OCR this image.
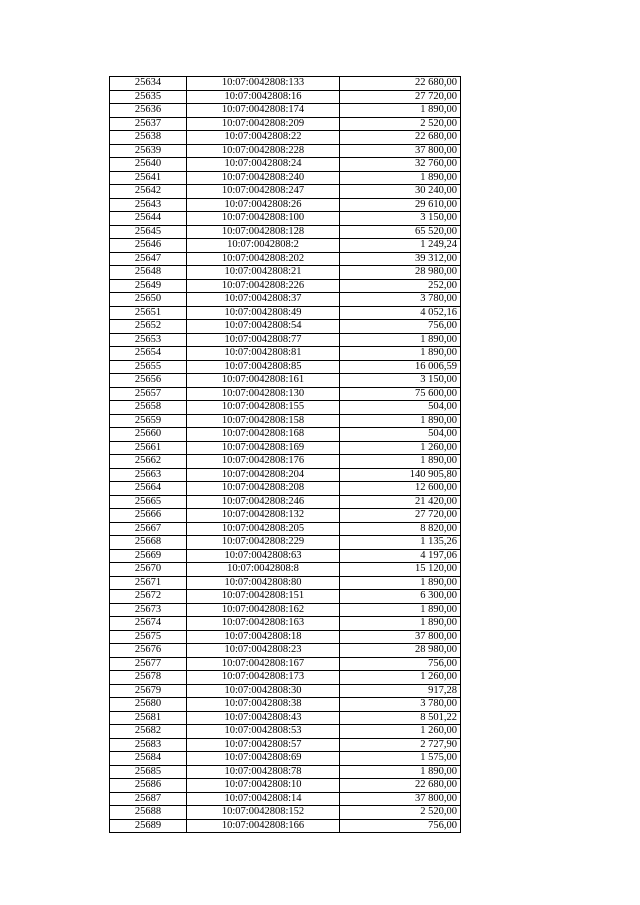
25634	10:07:0042808:133	22 680,00
25635	10:07:0042808:16	27 720,00
25636	10:07:0042808:174	1 890,00
25637	10:07:0042808:209	2 520,00
25638	10:07:0042808:22	22 680,00
25639	10:07:0042808:228	37 800,00
25640	10:07:0042808:24	32 760,00
25641	10:07:0042808:240	1 890,00
25642	10:07:0042808:247	30 240,00
25643	10:07:0042808:26	29 610,00
25644	10:07:0042808:100	3 150,00
25645	10:07:0042808:128	65 520,00
25646	10:07:0042808:2	1 249,24
25647	10:07:0042808:202	39 312,00
25648	10:07:0042808:21	28 980,00
25649	10:07:0042808:226	252,00
25650	10:07:0042808:37	3 780,00
25651	10:07:0042808:49	4 052,16
25652	10:07:0042808:54	756,00
25653	10:07:0042808:77	1 890,00
25654	10:07:0042808:81	1 890,00
25655	10:07:0042808:85	16 006,59
25656	10:07:0042808:161	3 150,00
25657	10:07:0042808:130	75 600,00
25658	10:07:0042808:155	504,00
25659	10:07:0042808:158	1 890,00
25660	10:07:0042808:168	504,00
25661	10:07:0042808:169	1 260,00
25662	10:07:0042808:176	1 890,00
25663	10:07:0042808:204	140 905,80
25664	10:07:0042808:208	12 600,00
25665	10:07:0042808:246	21 420,00
25666	10:07:0042808:132	27 720,00
25667	10:07:0042808:205	8 820,00
25668	10:07:0042808:229	1 135,26
25669	10:07:0042808:63	4 197,06
25670	10:07:0042808:8	15 120,00
25671	10:07:0042808:80	1 890,00
25672	10:07:0042808:151	6 300,00
25673	10:07:0042808:162	1 890,00
25674	10:07:0042808:163	1 890,00
25675	10:07:0042808:18	37 800,00
25676	10:07:0042808:23	28 980,00
25677	10:07:0042808:167	756,00
25678	10:07:0042808:173	1 260,00
25679	10:07:0042808:30	917,28
25680	10:07:0042808:38	3 780,00
25681	10:07:0042808:43	8 501,22
25682	10:07:0042808:53	1 260,00
25683	10:07:0042808:57	2 727,90
25684	10:07:0042808:69	1 575,00
25685	10:07:0042808:78	1 890,00
25686	10:07:0042808:10	22 680,00
25687	10:07:0042808:14	37 800,00
25688	10:07:0042808:152	2 520,00
25689	10:07:0042808:166	756,00
